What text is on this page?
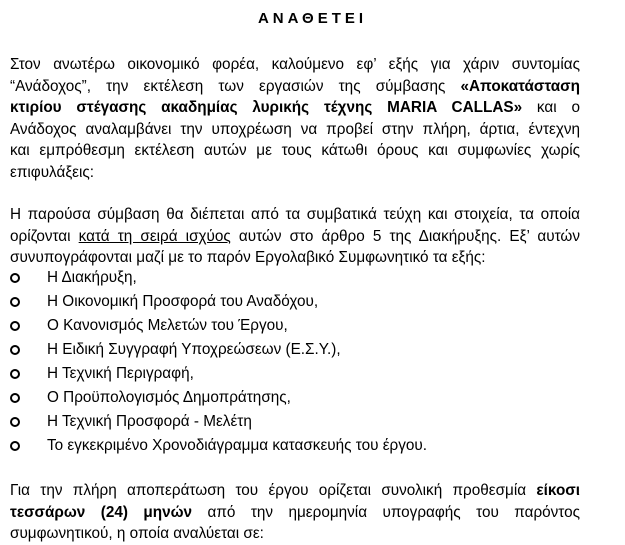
ΑΝΑΘΕΤΕΙ
Στον ανωτέρω οικονομικό φορέα, καλούμενο εφ’ εξής για χάριν συντομίας
“Ανάδοχος”, την εκτέλεση των εργασιών της σύμβασης «Αποκατάσταση
κτιρίου στέγασης ακαδημίας λυρικής τέχνης MARIA CALLAS» και ο
Ανάδοχος αναλαμβάνει την υποχρέωση να προβεί στην πλήρη, άρτια, έντεχνη
και εμπρόθεσμη εκτέλεση αυτών με τους κάτωθι όρους και συμφωνίες χωρίς
επιφυλάξεις:
Η παρούσα σύμβαση θα διέπεται από τα συμβατικά τεύχη και στοιχεία, τα οποία
ορίζονται κατά τη σειρά ισχύος αυτών στο άρθρο 5 της Διακήρυξης. Εξ’ αυτών
συνυπογράφονται μαζί με το παρόν Εργολαβικό Συμφωνητικό τα εξής:
Η Διακήρυξη,
Η Οικονομική Προσφορά του Αναδόχου,
Ο Κανονισμός Μελετών του Έργου,
Η Ειδική Συγγραφή Υποχρεώσεων (Ε.Σ.Υ.),
Η Τεχνική Περιγραφή,
Ο Προϋπολογισμός Δημοπράτησης,
Η Τεχνική Προσφορά - Μελέτη
Το εγκεκριμένο Χρονοδιάγραμμα κατασκευής του έργου.
Για την πλήρη αποπεράτωση του έργου ορίζεται συνολική προθεσμία είκοσι
τεσσάρων (24) μηνών από την ημερομηνία υπογραφής του παρόντος
συμφωνητικού, η οποία αναλύεται σε:
